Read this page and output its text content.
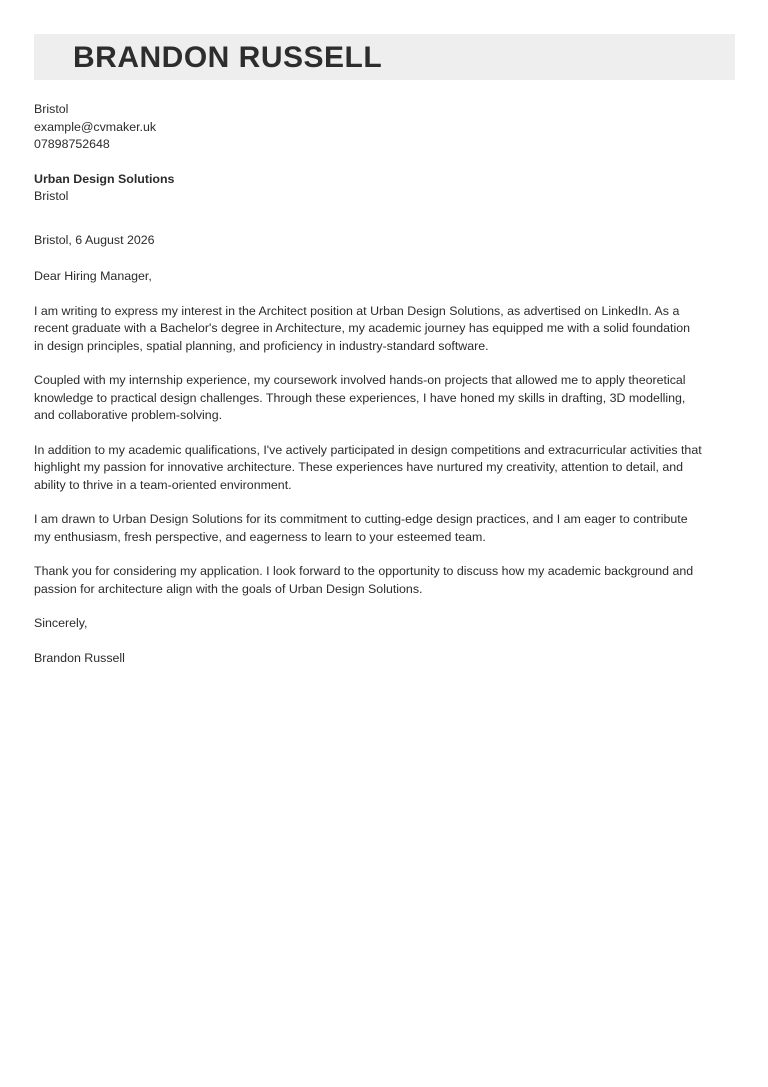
BRANDON RUSSELL
Bristol
example@cvmaker.uk
07898752648
Urban Design Solutions
Bristol

Bristol, 6 August 2026

Dear Hiring Manager,

I am writing to express my interest in the Architect position at Urban Design Solutions, as advertised on LinkedIn. As a recent graduate with a Bachelor's degree in Architecture, my academic journey has equipped me with a solid foundation in design principles, spatial planning, and proficiency in industry-standard software.

Coupled with my internship experience, my coursework involved hands-on projects that allowed me to apply theoretical knowledge to practical design challenges. Through these experiences, I have honed my skills in drafting, 3D modelling, and collaborative problem-solving.

In addition to my academic qualifications, I've actively participated in design competitions and extracurricular activities that highlight my passion for innovative architecture. These experiences have nurtured my creativity, attention to detail, and ability to thrive in a team-oriented environment.

I am drawn to Urban Design Solutions for its commitment to cutting-edge design practices, and I am eager to contribute my enthusiasm, fresh perspective, and eagerness to learn to your esteemed team.

Thank you for considering my application. I look forward to the opportunity to discuss how my academic background and passion for architecture align with the goals of Urban Design Solutions.

Sincerely,

Brandon Russell
